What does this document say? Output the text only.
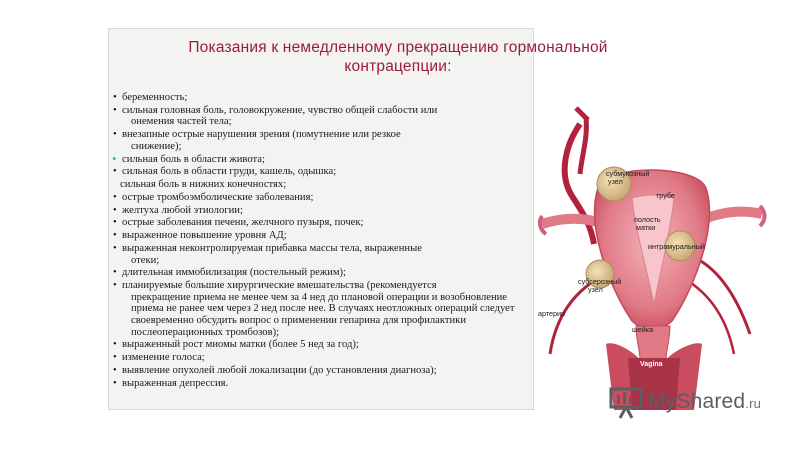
Показания к немедленному прекращению гормональной
контрацепции:
• беременность;
• сильная головная боль, головокружение, чувство общей слабости или
онемения частей тела;
• внезапные острые нарушения зрения (помутнение или резкое
снижение);
• сильная боль в области живота;
• сильная боль в области груди, кашель, одышка;
сильная боль в нижних конечностях;
• острые тромбоэмболические заболевания;
• желтуха любой этиологии;
• острые заболевания печени, желчного пузыря, почек;
• выраженное повышение уровня АД;
• выраженная неконтролируемая прибавка массы тела, выраженные
отеки;
• длительная иммобилизация (постельный режим);
• планируемые большие хирургические вмешательства (рекомендуется
прекращение приема не менее чем за 4 нед до плановой операции и возобновление приема не ранее чем через 2 нед после нее. В случаях неотложных операций следует своевременно обсудить вопрос о применении гепарина для профилактики послеоперационных тромбозов);
• выраженный рост миомы матки (более 5 нед за год);
• изменение голоса;
• выявление опухолей любой локализации (до установления диагноза);
• выраженная депрессия.
субмукозный
узел
трубе
полость
матки
интрамуральный
субсерозный
узел
артерии
шейка
Vagina
MyShared.ru
